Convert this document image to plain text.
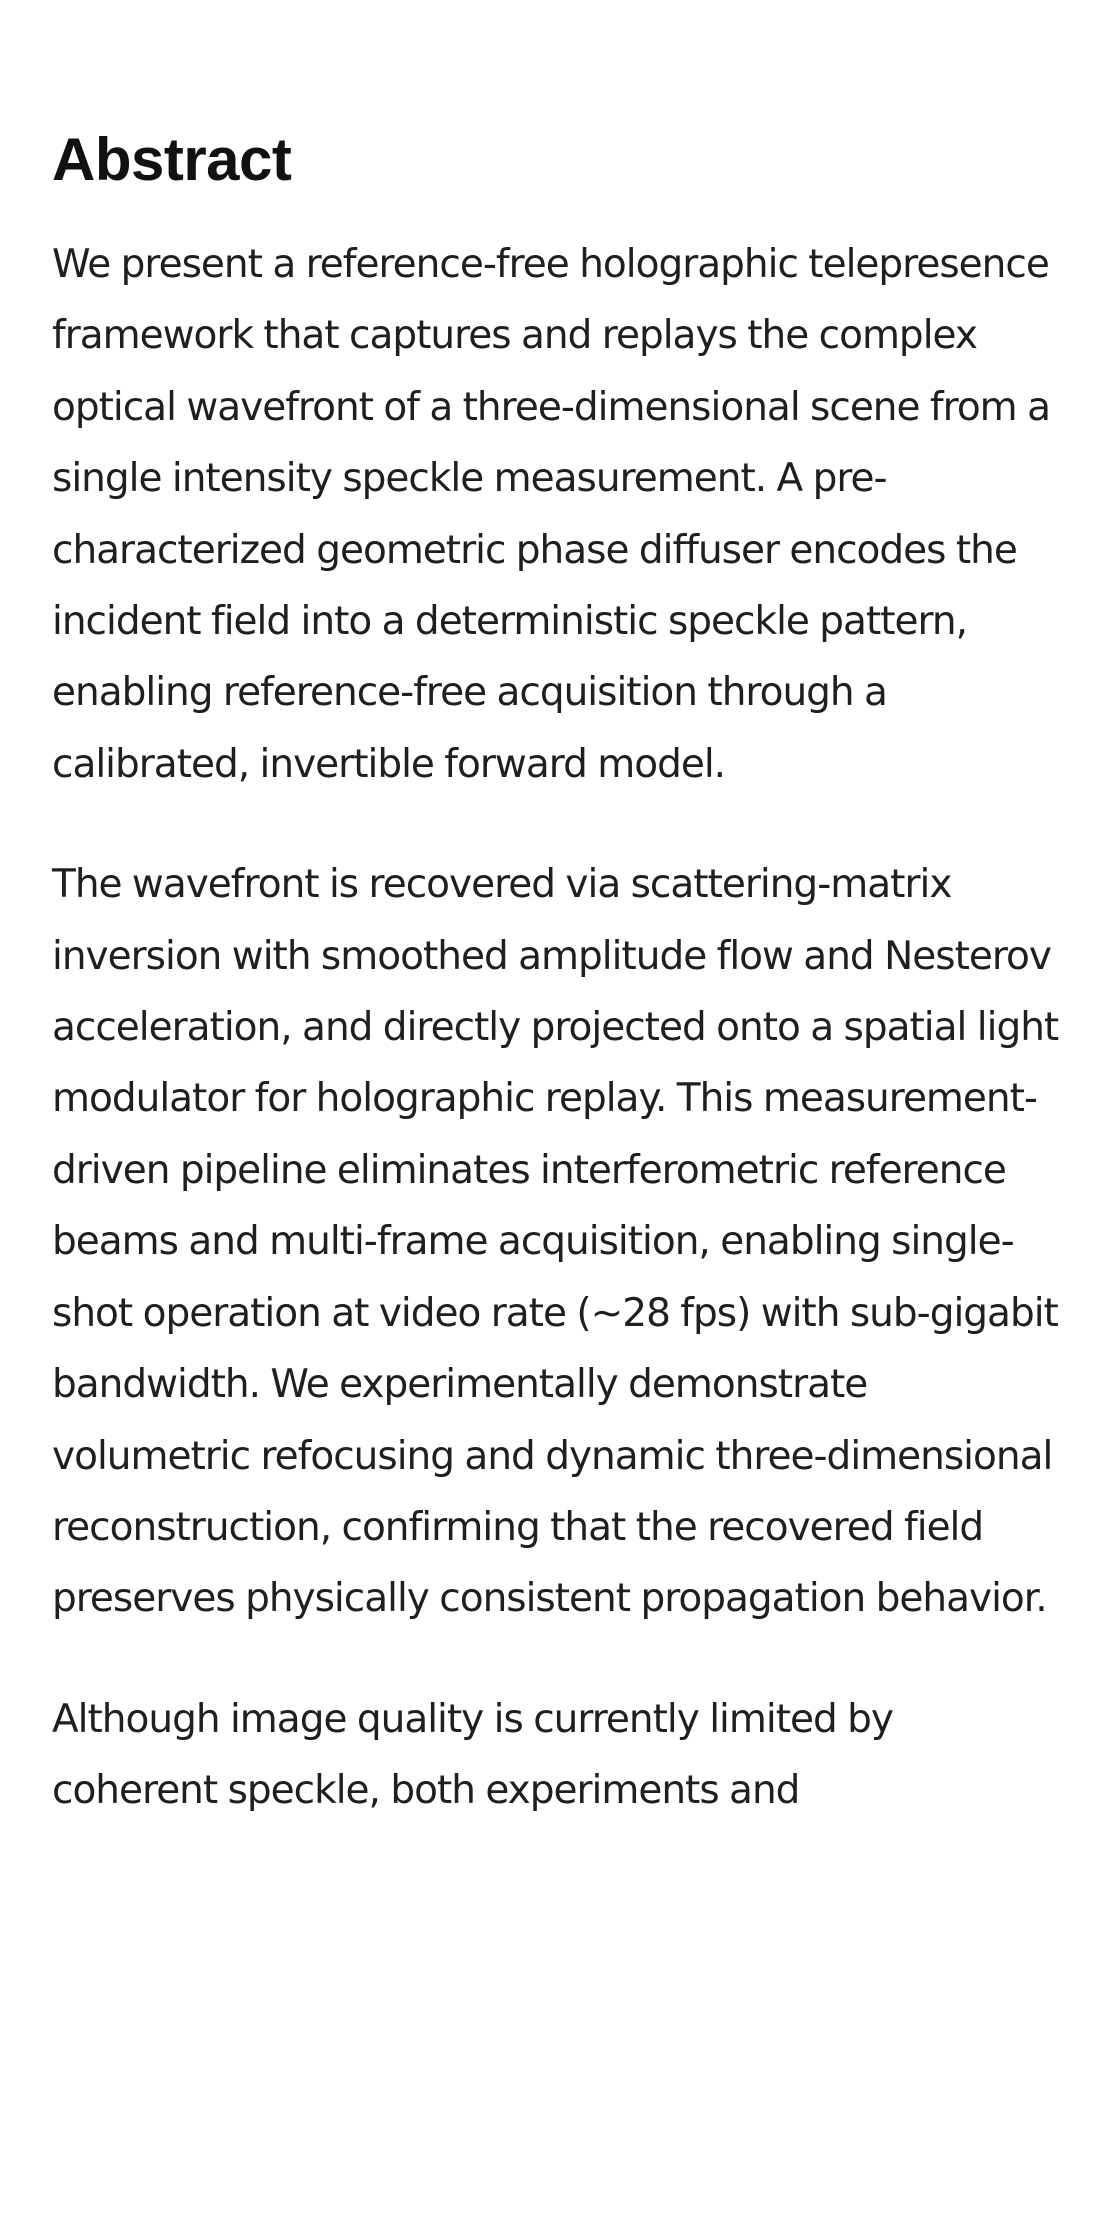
Abstract

We present a reference-free holographic telepresence framework that captures and replays the complex optical wavefront of a three-dimensional scene from a single intensity speckle measurement. A pre-characterized geometric phase diffuser encodes the incident field into a deterministic speckle pattern, enabling reference-free acquisition through a calibrated, invertible forward model.

The wavefront is recovered via scattering-matrix inversion with smoothed amplitude flow and Nesterov acceleration, and directly projected onto a spatial light modulator for holographic replay. This measurement-driven pipeline eliminates interferometric reference beams and multi-frame acquisition, enabling single-shot operation at video rate (~28 fps) with sub-gigabit bandwidth. We experimentally demonstrate volumetric refocusing and dynamic three-dimensional reconstruction, confirming that the recovered field preserves physically consistent propagation behavior.

Although image quality is currently limited by coherent speckle, both experiments and
